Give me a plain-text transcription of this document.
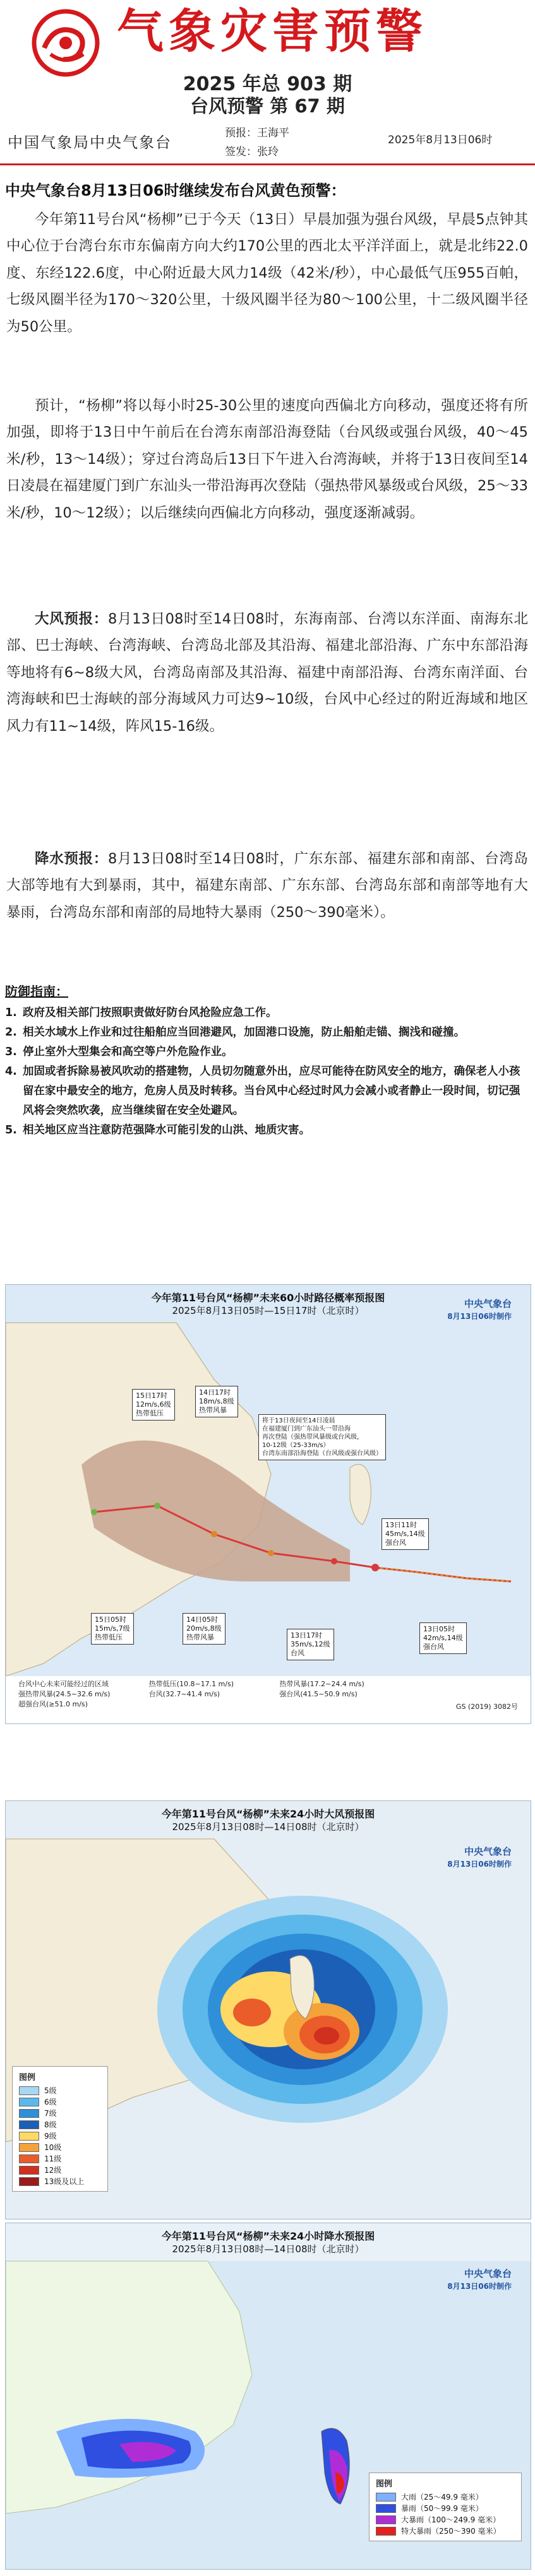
气象灾害预警
2025 年总 903 期
台风预警 第 67 期
中国气象局中央气象台
预报：王海平
签发：张玲
2025年8月13日06时
中央气象台8月13日06时继续发布台风黄色预警：
今年第11号台风“杨柳”已于今天（13日）早晨加强为强台风级，早晨5点钟其中心位于台湾台东市东偏南方向大约170公里的西北太平洋洋面上，就是北纬22.0度、东经122.6度，中心附近最大风力14级（42米/秒），中心最低气压955百帕，七级风圈半径为170～320公里，十级风圈半径为80～100公里，十二级风圈半径为50公里。
预计，“杨柳”将以每小时25-30公里的速度向西偏北方向移动，强度还将有所加强，即将于13日中午前后在台湾东南部沿海登陆（台风级或强台风级，40～45米/秒，13～14级）；穿过台湾岛后13日下午进入台湾海峡，并将于13日夜间至14日凌晨在福建厦门到广东汕头一带沿海再次登陆（强热带风暴级或台风级，25～33米/秒，10～12级）；以后继续向西偏北方向移动，强度逐渐减弱。
大风预报：8月13日08时至14日08时，东海南部、台湾以东洋面、南海东北部、巴士海峡、台湾海峡、台湾岛北部及其沿海、福建北部沿海、广东中东部沿海等地将有6~8级大风，台湾岛南部及其沿海、福建中南部沿海、台湾东南洋面、台湾海峡和巴士海峡的部分海域风力可达9~10级，台风中心经过的附近海域和地区风力有11~14级，阵风15-16级。
降水预报：8月13日08时至14日08时，广东东部、福建东部和南部、台湾岛大部等地有大到暴雨，其中，福建东南部、广东东部、台湾岛东部和南部等地有大暴雨，台湾岛东部和南部的局地特大暴雨（250～390毫米）。
防御指南：
1. 政府及相关部门按照职责做好防台风抢险应急工作。
2. 相关水域水上作业和过往船舶应当回港避风，加固港口设施，防止船舶走锚、搁浅和碰撞。
3. 停止室外大型集会和高空等户外危险作业。
4. 加固或者拆除易被风吹动的搭建物，人员切勿随意外出，应尽可能待在防风安全的地方，确保老人小孩留在家中最安全的地方，危房人员及时转移。当台风中心经过时风力会减小或者静止一段时间，切记强风将会突然吹袭，应当继续留在安全处避风。
5. 相关地区应当注意防范强降水可能引发的山洪、地质灾害。
今年第11号台风“杨柳”未来60小时路径概率预报图
2025年8月13日05时—15日17时（北京时）
中央气象台
8月13日06时制作
15日17时
12m/s,6级
热带低压
14日17时
18m/s,8级
热带风暴
15日05时
15m/s,7级
热带低压
14日05时
20m/s,8级
热带风暴	13日17时
35m/s,12级
台风
13日11时
45m/s,14级
强台风
13日05时
42m/s,14级
强台风
将于13日夜间至14日凌晨
在福建厦门到广东汕头一带沿海
再次登陆（强热带风暴级或台风级，
10-12级（25-33m/s）
台湾东南部沿海登陆（台风级或强台风级）
台风中心未来可能经过的区域	热带低压(10.8~17.1 m/s)	热带风暴(17.2~24.4 m/s)
强热带风暴(24.5~32.6 m/s)	台风(32.7~41.4 m/s)	强台风(41.5~50.9 m/s)
超强台风(≥51.0 m/s)	GS (2019) 3082号
今年第11号台风“杨柳”未来24小时大风预报图
2025年8月13日08时—14日08时（北京时）
中央气象台
8月13日06时制作
图例
5级
6级
7级
8级
9级
10级
11级
12级
13级及以上
今年第11号台风“杨柳”未来24小时降水预报图
2025年8月13日08时—14日08时（北京时）
中央气象台
8月13日06时制作
图例
大雨（25～49.9 毫米）
暴雨（50～99.9 毫米）
大暴雨（100～249.9 毫米）
特大暴雨（250～390 毫米）
